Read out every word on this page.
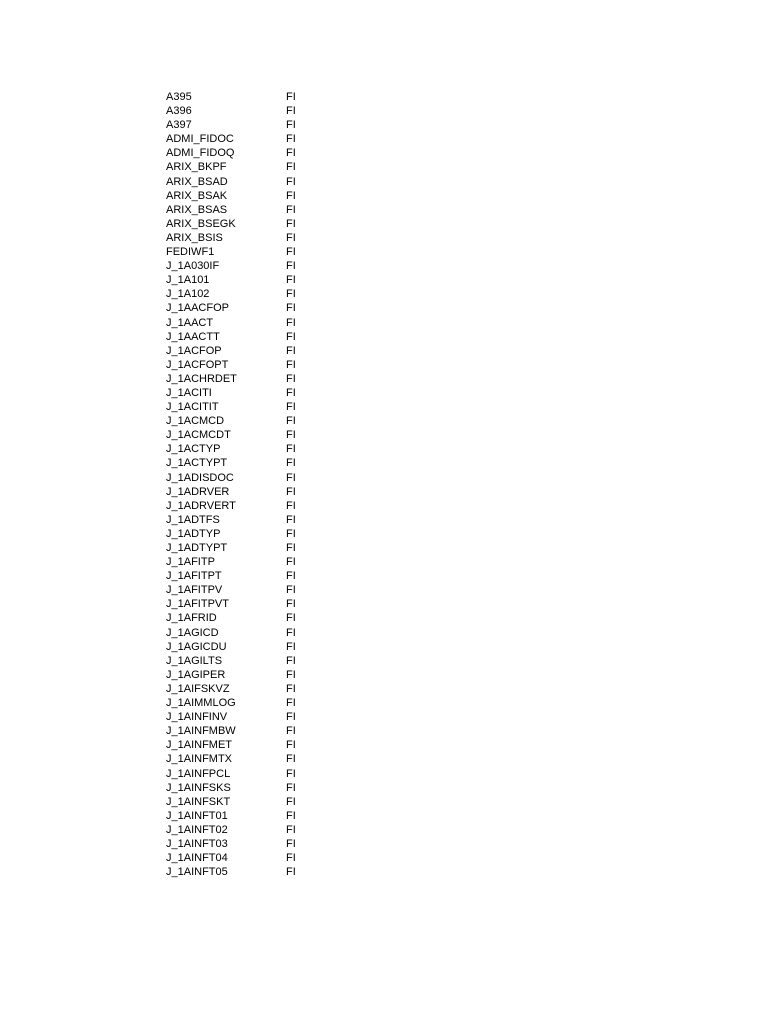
A395	FI
A396	FI
A397	FI
ADMI_FIDOC	FI
ADMI_FIDOQ	FI
ARIX_BKPF	FI
ARIX_BSAD	FI
ARIX_BSAK	FI
ARIX_BSAS	FI
ARIX_BSEGK	FI
ARIX_BSIS	FI
FEDIWF1	FI
J_1A030IF	FI
J_1A101	FI
J_1A102	FI
J_1AACFOP	FI
J_1AACT	FI
J_1AACTT	FI
J_1ACFOP	FI
J_1ACFOPT	FI
J_1ACHRDET	FI
J_1ACITI	FI
J_1ACITIT	FI
J_1ACMCD	FI
J_1ACMCDT	FI
J_1ACTYP	FI
J_1ACTYPT	FI
J_1ADISDOC	FI
J_1ADRVER	FI
J_1ADRVERT	FI
J_1ADTFS	FI
J_1ADTYP	FI
J_1ADTYPT	FI
J_1AFITP	FI
J_1AFITPT	FI
J_1AFITPV	FI
J_1AFITPVT	FI
J_1AFRID	FI
J_1AGICD	FI
J_1AGICDU	FI
J_1AGILTS	FI
J_1AGIPER	FI
J_1AIFSKVZ	FI
J_1AIMMLOG	FI
J_1AINFINV	FI
J_1AINFMBW	FI
J_1AINFMET	FI
J_1AINFMTX	FI
J_1AINFPCL	FI
J_1AINFSKS	FI
J_1AINFSKT	FI
J_1AINFT01	FI
J_1AINFT02	FI
J_1AINFT03	FI
J_1AINFT04	FI
J_1AINFT05	FI
